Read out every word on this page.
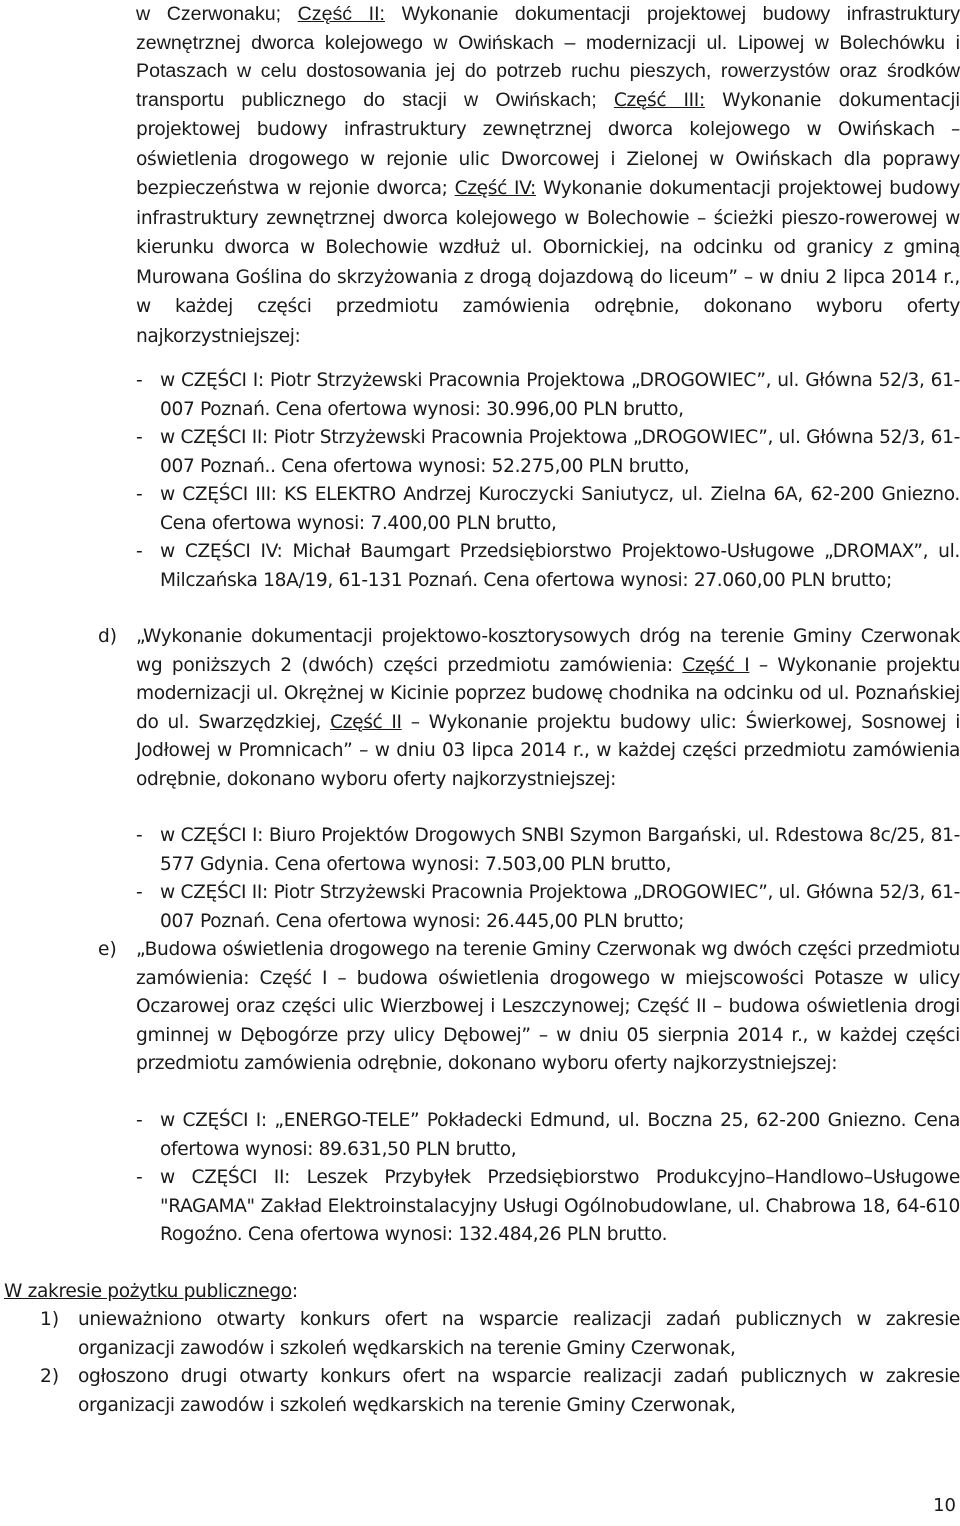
w Czerwonaku; Część II: Wykonanie dokumentacji projektowej budowy infrastruktury zewnętrznej dworca kolejowego w Owińskach – modernizacji ul. Lipowej w Bolechówku i Potaszach w celu dostosowania jej do potrzeb ruchu pieszych, rowerzystów oraz środków transportu publicznego do stacji w Owińskach; Część III: Wykonanie dokumentacji projektowej budowy infrastruktury zewnętrznej dworca kolejowego w Owińskach – oświetlenia drogowego w rejonie ulic Dworcowej i Zielonej w Owińskach dla poprawy bezpieczeństwa w rejonie dworca; Część IV: Wykonanie dokumentacji projektowej budowy infrastruktury zewnętrznej dworca kolejowego w Bolechowie – ścieżki pieszo-rowerowej w kierunku dworca w Bolechowie wzdłuż ul. Obornickiej, na odcinku od granicy z gminą Murowana Goślina do skrzyżowania z drogą dojazdową do liceum” – w dniu 2 lipca 2014 r., w każdej części przedmiotu zamówienia odrębnie, dokonano wyboru oferty najkorzystniejszej:

- w CZĘŚCI I: Piotr Strzyżewski Pracownia Projektowa „DROGOWIEC”, ul. Główna 52/3, 61-007 Poznań. Cena ofertowa wynosi: 30.996,00 PLN brutto,

- w CZĘŚCI II: Piotr Strzyżewski Pracownia Projektowa „DROGOWIEC”, ul. Główna 52/3, 61-007 Poznań.. Cena ofertowa wynosi: 52.275,00 PLN brutto,

- w CZĘŚCI III: KS ELEKTRO Andrzej Kuroczycki Saniutycz, ul. Zielna 6A, 62-200 Gniezno. Cena ofertowa wynosi: 7.400,00 PLN brutto,

- w CZĘŚCI IV: Michał Baumgart Przedsiębiorstwo Projektowo-Usługowe „DROMAX”, ul. Milczańska 18A/19, 61-131 Poznań. Cena ofertowa wynosi: 27.060,00 PLN brutto;

d) „Wykonanie dokumentacji projektowo-kosztorysowych dróg na terenie Gminy Czerwonak wg poniższych 2 (dwóch) części przedmiotu zamówienia: Część I – Wykonanie projektu modernizacji ul. Okrężnej w Kicinie poprzez budowę chodnika na odcinku od ul. Poznańskiej do ul. Swarzędzkiej, Część II – Wykonanie projektu budowy ulic: Świerkowej, Sosnowej i Jodłowej w Promnicach” – w dniu 03 lipca 2014 r., w każdej części przedmiotu zamówienia odrębnie, dokonano wyboru oferty najkorzystniejszej:

- w CZĘŚCI I: Biuro Projektów Drogowych SNBI Szymon Bargański, ul. Rdestowa 8c/25, 81-577 Gdynia. Cena ofertowa wynosi: 7.503,00 PLN brutto,

- w CZĘŚCI II: Piotr Strzyżewski Pracownia Projektowa „DROGOWIEC”, ul. Główna 52/3, 61-007 Poznań. Cena ofertowa wynosi: 26.445,00 PLN brutto;

e) „Budowa oświetlenia drogowego na terenie Gminy Czerwonak wg dwóch części przedmiotu zamówienia: Część I – budowa oświetlenia drogowego w miejscowości Potasze w ulicy Oczarowej oraz części ulic Wierzbowej i Leszczynowej; Część II – budowa oświetlenia drogi gminnej w Dębogórze przy ulicy Dębowej” – w dniu 05 sierpnia 2014 r., w każdej części przedmiotu zamówienia odrębnie, dokonano wyboru oferty najkorzystniejszej:

- w CZĘŚCI I: „ENERGO-TELE” Pokładecki Edmund, ul. Boczna 25, 62-200 Gniezno. Cena ofertowa wynosi: 89.631,50 PLN brutto,

- w CZĘŚCI II: Leszek Przybyłek Przedsiębiorstwo Produkcyjno–Handlowo–Usługowe "RAGAMA" Zakład Elektroinstalacyjny Usługi Ogólnobudowlane, ul. Chabrowa 18, 64-610 Rogoźno. Cena ofertowa wynosi: 132.484,26 PLN brutto.

W zakresie pożytku publicznego:

1) unieważniono otwarty konkurs ofert na wsparcie realizacji zadań publicznych w zakresie organizacji zawodów i szkoleń wędkarskich na terenie Gminy Czerwonak,

2) ogłoszono drugi otwarty konkurs ofert na wsparcie realizacji zadań publicznych w zakresie organizacji zawodów i szkoleń wędkarskich na terenie Gminy Czerwonak,

10
